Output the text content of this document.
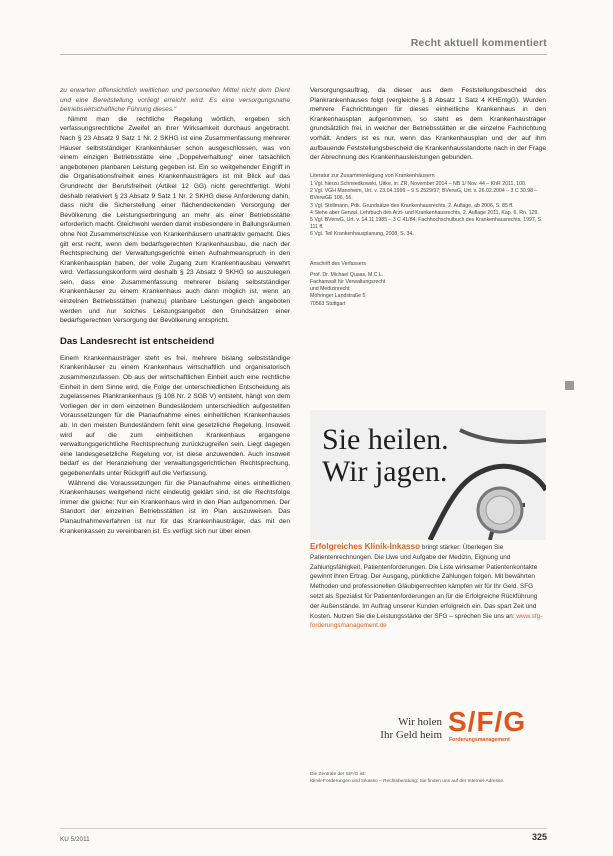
Recht aktuell kommentiert

zu erwarten offensichtlich weitlichen und personellen Mittel nicht dem Dient und eine Bereitstellung vorliegt erreicht wird. Es eine versorgungsnahe betriebswirtschaftliche Führung dieses.“

Nimmt man die rechtliche Regelung wörtlich, ergeben sich verfassungsrechtliche Zweifel an ihrer Wirksamkeit durchaus angebracht. Nach § 23 Absatz 9 Satz 1 Nr. 2 SKHG ist eine Zusammenfassung mehrerer Häuser selbstständiger Krankenhäuser schon ausgeschlossen, was von einem einzigen Betriebsstätte eine „Doppelverhaltung“ einer tatsächlich angebotenen planbaren Leistung gegeben ist. Ein so weitgehender Eingriff in die Organisationsfreiheit eines Krankenhausträgers ist mit Blick auf das Grundrecht der Berufsfreiheit (Artikel 12 GG) nicht gerechtfertigt. Wohl deshalb relativiert § 23 Absatz 9 Satz 1 Nr. 2 SKHG diese Anforderung dahin, dass nicht die Sicherstellung einer flächendeckenden Versorgung der Bevölkerung die Leistungserbringung an mehr als einer Betriebsstätte erforderlich macht. Gleichwohl werden damit insbesondere in Ballungsräumen ohne Not Zusammenschlüsse von Krankenhäusern unattraktiv gemacht. Dies gilt erst recht, wenn dem bedarfsgerechten Krankenhausbau, die nach der Rechtsprechung der Verwaltungsgerichte einen Aufnahmeanspruch in den Krankenhausplan haben, der volle Zugang zum Krankenhausbau verwehrt wird. Verfassungskonform wird deshalb § 23 Absatz 9 SKHG so auszulegen sein, dass eine Zusammenfassung mehrerer bislang selbstständiger Krankenhäuser zu einem Krankenhaus auch dann möglich ist, wenn an einzelnen Betriebsstätten (nahezu) planbare Leistungen gleich angeboten werden und nur solches Leistungsangebot den Grundsätzen einer bedarfsgerechten Versorgung der Bevölkerung entspricht.

Das Landesrecht ist entscheidend

Einem Krankenhausträger steht es frei, mehrere bislang selbstständige Krankenhäuser zu einem Krankenhaus wirtschaftlich und organisatorisch zusammenzufassen. Ob aus der wirtschaftlichen Einheit auch eine rechtliche Einheit in dem Sinne wird, die Folge der unterschiedlichen Entscheidung als zugelassenes Plankrankenhaus (§ 108 Nr. 2 SGB V) entsteht, hängt von dem Vorliegen der in dem einzelnen Bundesländern unterschiedlich aufgestellten Voraussetzungen für die Planaufnahme eines einheitlichen Krankenhauses ab. In den meisten Bundesländern fehlt eine gesetzliche Regelung. Insoweit wird auf die zum einheitlichen Krankenhaus ergangene verwaltungsgerichtliche Rechtsprechung zurückzugreifen sein. Liegt dagegen eine landesgesetzliche Regelung vor, ist diese anzuwenden. Auch insoweit bedarf es der Heranziehung der verwaltungsgerichtlichen Rechtsprechung, gegebenenfalls unter Rückgriff auf die Verfassung.

Während die Voraussetzungen für die Planaufnahme eines einheitlichen Krankenhauses weitgehend nicht eindeutig geklärt sind, ist die Rechtsfolge immer die gleiche: Nur ein Krankenhaus wird in den Plan aufgenommen. Der Standort der einzelnen Betriebsstätten ist im Plan auszuweisen. Das Planaufnahmeverfahren ist nur für das Krankenhausträger, das mit den Krankenkassen zu vereinbaren ist. Es verfügt sich nur über einen

Versorgungsauftrag, da dieser aus dem Feststellungsbescheid des Plankrankenhauses folgt (vergleiche § 8 Absatz 1 Satz 4 KHEntgG). Wurden mehrere Fachrichtungen für dieses einheitliche Krankenhaus in den Krankenhausplan aufgenommen, so steht es dem Krankenhausträger grundsätzlich frei, in welcher der Betriebsstätten er die einzelne Fachrichtung vorhält. Anders ist es nur, wenn das Krankenhausplan und der auf ihm aufbauende Feststellungsbescheid die Krankenhausstandorte nach in der Frage der Abrechnung des Krankenhausleistungen gebunden.

Literatur zur Zusammenlegung von Krankenhäusern
1 Vgl. hierzu Schmiedkowski, Uitke, in: ZR, November 2014 – NB 1/ Nov. 44 – KhR 2011, 100.
2 Vgl. VGH Mannheim, Urt. v. 23.04.1999 – 9 S 2529/97; BVerwG, Urt. v. 26.02.2004 – 3 C 30.98 – BVerwGE 106, 56.
3 Vgl. Stollmann, Pdk. Grundsätze des Krankenhausrechts, 2. Auflage, ab 2006, S. 85 ff.
4 Siehe aber Genzel, Lehrbuch des Arzt- und Krankenhausrechts, 2. Auflage 2011, Kap. 6, Rn. 129.
5 Vgl. BVerwG, Urt. v. 14.11.1985 – 3 C 41/84; Fachhochschulbuch des Krankenhausrechts, 1997, S. 111 ff.
6 Vgl. Teil Krankenhausplanung, 2008, S. 34.
Anschrift des Verfassers
Prof. Dr. Michael Quaas, M.C.L.
Fachanwalt für Verwaltungsrecht
und Medizinrecht
Möhringer Landstraße 5
70563 Stuttgart
Sie heilen.
Wir jagen.
Erfolgreiches Klinik-Inkasso bringt stärker: Überlegen Sie Patientenrechnungen. Die Uwe und Aufgabe der Medizin, Eignung und Zahlungsfähigkeit, Patientenforderungen. Die Liste wirksamer Patientenkontakte gewinnt ihren Ertrag. Der Ausgang, pünktliche Zahlungen folgen. Mit bewährten Methoden und professionellen Gläubigerrechten kämpfen wir für Ihr Geld. SFG setzt als Spezialist für Patientenforderungen an für die Erfolgreiche Rückführung der Außenstände. Im Auftrag unserer Kunden erfolgreich ein. Das spart Zeit und Kosten. Nutzen Sie die Leistungsstärke der SFG – sprechen Sie uns an: www.sfg-forderungsmanagement.de
Wir holen
Ihr Geld heim S/F/G
Forderungsmanagement
Die Zentrale der S/F/G ist:
Klinik-Forderungen und Inkasso – Rechtsberatung: Sie finden uns auf der Internet-Adresse.
KU 5/2011	325
